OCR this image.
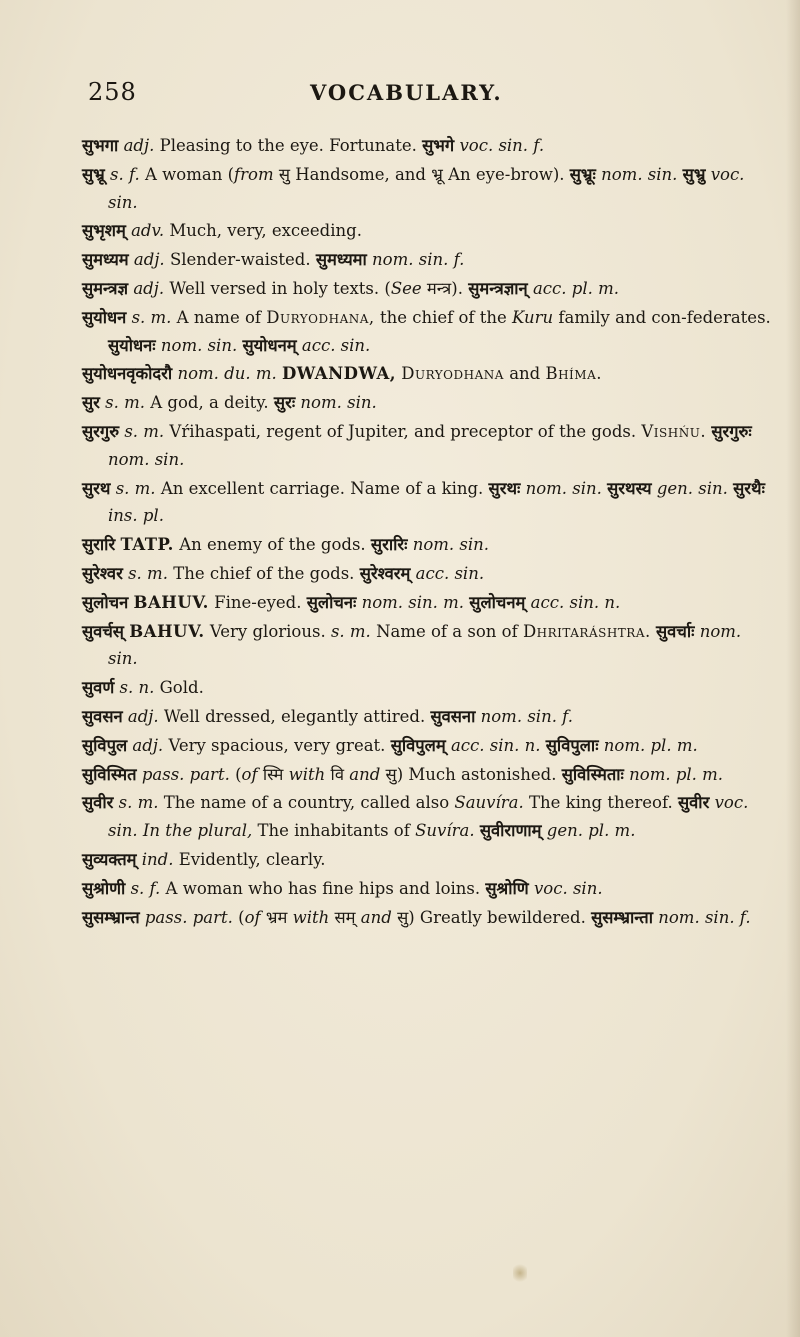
258	VOCABULARY.

सुभगा adj. Pleasing to the eye. Fortunate. सुभगे voc. sin. f.

सुभ्रू s. f. A woman (from सु Handsome, and भ्रू An eye-brow). सुभ्रूः nom. sin. सुभ्रु voc. sin.

सुभृशम् adv. Much, very, exceeding.

सुमध्यम adj. Slender-waisted. सुमध्यमा nom. sin. f.

सुमन्त्रज्ञ adj. Well versed in holy texts. (See मन्त्र). सुमन्त्रज्ञान् acc. pl. m.

सुयोधन s. m. A name of Duryodhana, the chief of the Kuru family and con-federates. सुयोधनः nom. sin. सुयोधनम् acc. sin.

सुयोधनवृकोदरौ nom. du. m. DWANDWA, Duryodhana and Bhíma.

सुर s. m. A god, a deity. सुरः nom. sin.

सुरगुरु s. m. Vŕihaspati, regent of Jupiter, and preceptor of the gods. Vishńu. सुरगुरुः nom. sin.

सुरथ s. m. An excellent carriage. Name of a king. सुरथः nom. sin. सुरथस्य gen. sin. सुरथैः ins. pl.

सुरारि TATP. An enemy of the gods. सुरारिः nom. sin.

सुरेश्वर s. m. The chief of the gods. सुरेश्वरम् acc. sin.

सुलोचन BAHUV. Fine-eyed. सुलोचनः nom. sin. m. सुलोचनम् acc. sin. n.

सुवर्चस् BAHUV. Very glorious. s. m. Name of a son of Dhritaráshtra. सुवर्चाः nom. sin.

सुवर्ण s. n. Gold.

सुवसन adj. Well dressed, elegantly attired. सुवसना nom. sin. f.

सुविपुल adj. Very spacious, very great. सुविपुलम् acc. sin. n. सुविपुलाः nom. pl. m.

सुविस्मित pass. part. (of स्मि with वि and सु) Much astonished. सुविस्मिताः nom. pl. m.

सुवीर s. m. The name of a country, called also Sauvíra. The king thereof. सुवीर voc. sin. In the plural, The inhabitants of Suvíra. सुवीराणाम् gen. pl. m.

सुव्यक्तम् ind. Evidently, clearly.

सुश्रोणी s. f. A woman who has fine hips and loins. सुश्रोणि voc. sin.

सुसम्भ्रान्त pass. part. (of भ्रम with सम् and सु) Greatly bewildered. सुसम्भ्रान्ता nom. sin. f.
